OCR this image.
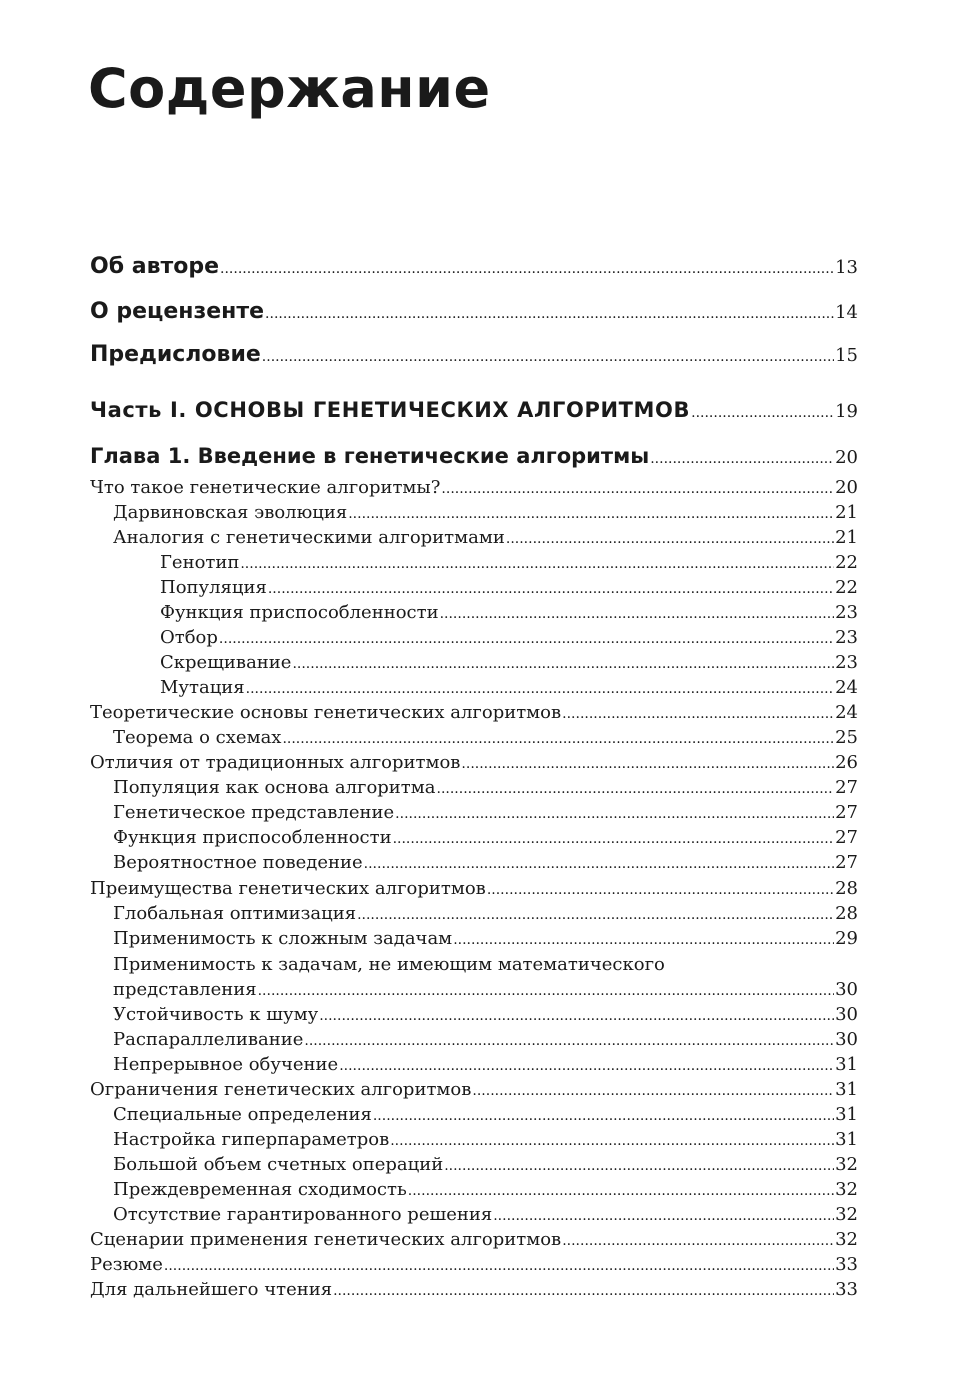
Содержание
Об авторе .....	13
О рецензенте .....	14
Предисловие .....	15
Часть I. ОСНОВЫ ГЕНЕТИЧЕСКИХ АЛГОРИТМОВ .....	19
Глава 1. Введение в генетические алгоритмы .....	20
Что такое генетические алгоритмы? .....	20
Дарвиновская эволюция .....	21
Аналогия с генетическими алгоритмами .....	21
Генотип .....	22
Популяция .....	22
Функция приспособленности .....	23
Отбор .....	23
Скрещивание .....	23
Мутация .....	24
Теоретические основы генетических алгоритмов .....	24
Теорема о схемах .....	25
Отличия от традиционных алгоритмов .....	26
Популяция как основа алгоритма .....	27
Генетическое представление .....	27
Функция приспособленности .....	27
Вероятностное поведение .....	27
Преимущества генетических алгоритмов .....	28
Глобальная оптимизация .....	28
Применимость к сложным задачам .....	29
Применимость к задачам, не имеющим математического
представления .....	30
Устойчивость к шуму .....	30
Распараллеливание .....	30
Непрерывное обучение .....	31
Ограничения генетических алгоритмов .....	31
Специальные определения .....	31
Настройка гиперпараметров .....	31
Большой объем счетных операций .....	32
Преждевременная сходимость .....	32
Отсутствие гарантированного решения .....	32
Сценарии применения генетических алгоритмов .....	32
Резюме .....	33
Для дальнейшего чтения .....	33
